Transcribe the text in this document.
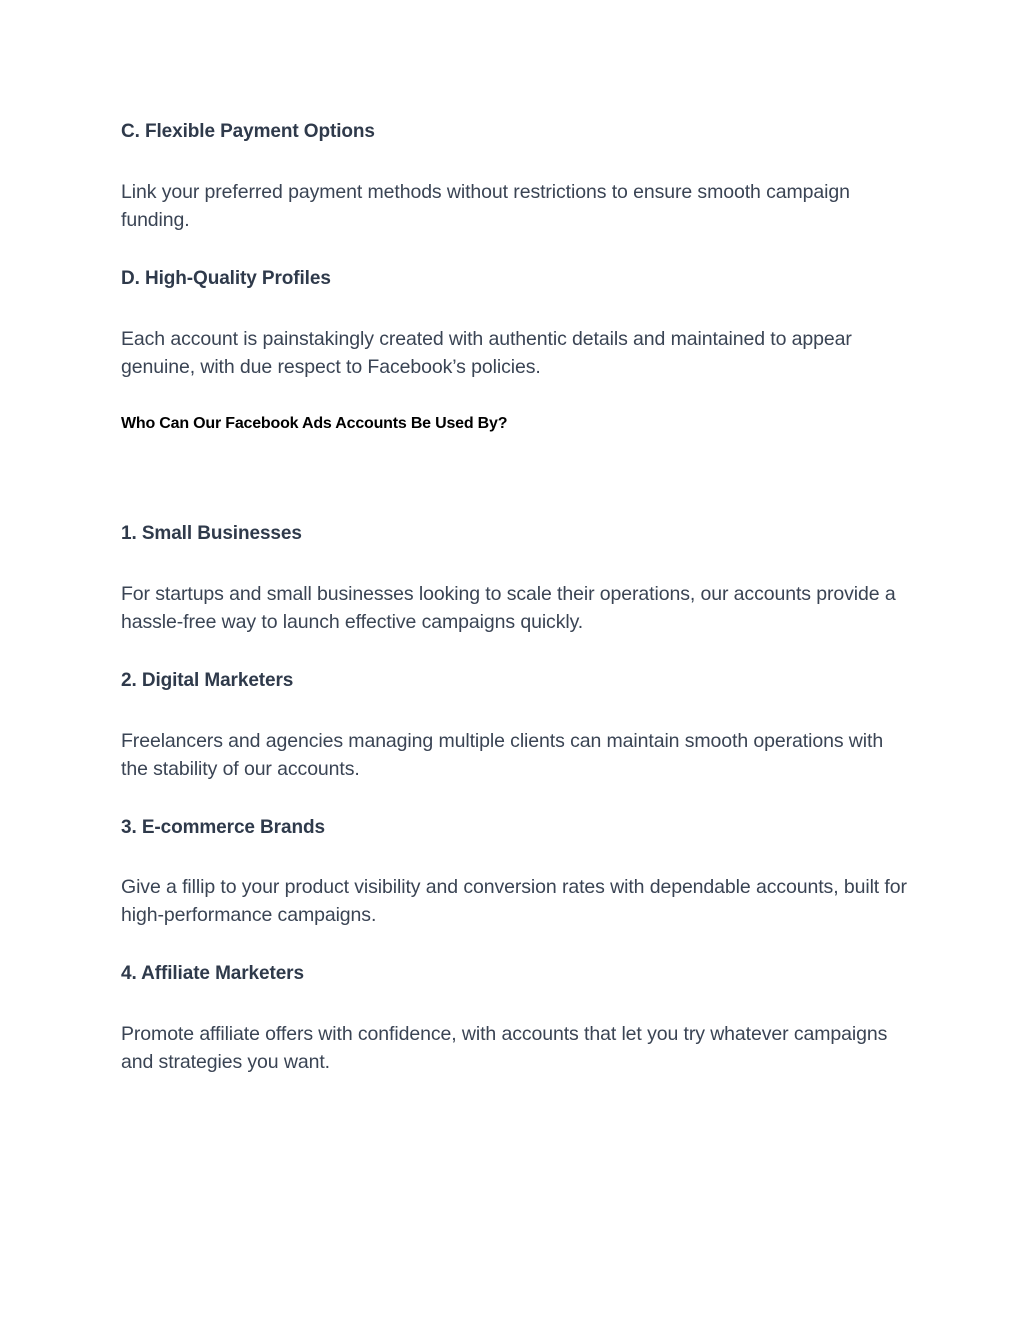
C. Flexible Payment Options

Link your preferred payment methods without restrictions to ensure smooth campaign funding.

D. High-Quality Profiles

Each account is painstakingly created with authentic details and maintained to appear genuine, with due respect to Facebook’s policies.

Who Can Our Facebook Ads Accounts Be Used By?
1. Small Businesses

For startups and small businesses looking to scale their operations, our accounts provide a hassle-free way to launch effective campaigns quickly.

2. Digital Marketers

Freelancers and agencies managing multiple clients can maintain smooth operations with the stability of our accounts.

3. E-commerce Brands

Give a fillip to your product visibility and conversion rates with dependable accounts, built for high-performance campaigns.

4. Affiliate Marketers

Promote affiliate offers with confidence, with accounts that let you try whatever campaigns and strategies you want.
